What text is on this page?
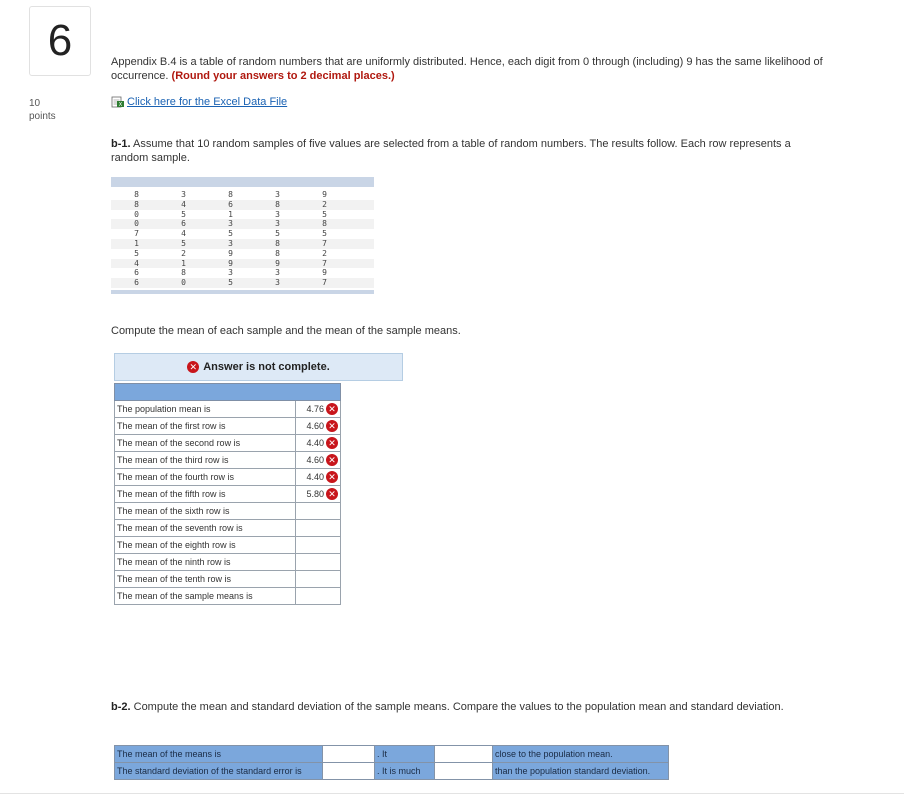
6
10
points
Appendix B.4 is a table of random numbers that are uniformly distributed. Hence, each digit from 0 through (including) 9 has the same likelihood of occurrence. (Round your answers to 2 decimal places.)
X Click here for the Excel Data File
b-1. Assume that 10 random samples of five values are selected from a table of random numbers. The results follow. Each row represents a random sample.
8	3	8	3	9
8	4	6	8	2
0	5	1	3	5
0	6	3	3	8
7	4	5	5	5
1	5	3	8	7
5	2	9	8	2
4	1	9	9	7
6	8	3	3	9
6	0	5	3	7
Compute the mean of each sample and the mean of the sample means.
✕ Answer is not complete.

The population mean is	4.76 ✕

The mean of the first row is	4.60 ✕

The mean of the second row is	4.40 ✕

The mean of the third row is	4.60 ✕

The mean of the fourth row is	4.40 ✕

The mean of the fifth row is	5.80 ✕

The mean of the sixth row is	

The mean of the seventh row is	

The mean of the eighth row is	

The mean of the ninth row is	

The mean of the tenth row is	

The mean of the sample means is	
b-2. Compute the mean and standard deviation of the sample means. Compare the values to the population mean and standard deviation.
The mean of the means is		. It		close to the population mean.
The standard deviation of the standard error is		. It is much		than the population standard deviation.
